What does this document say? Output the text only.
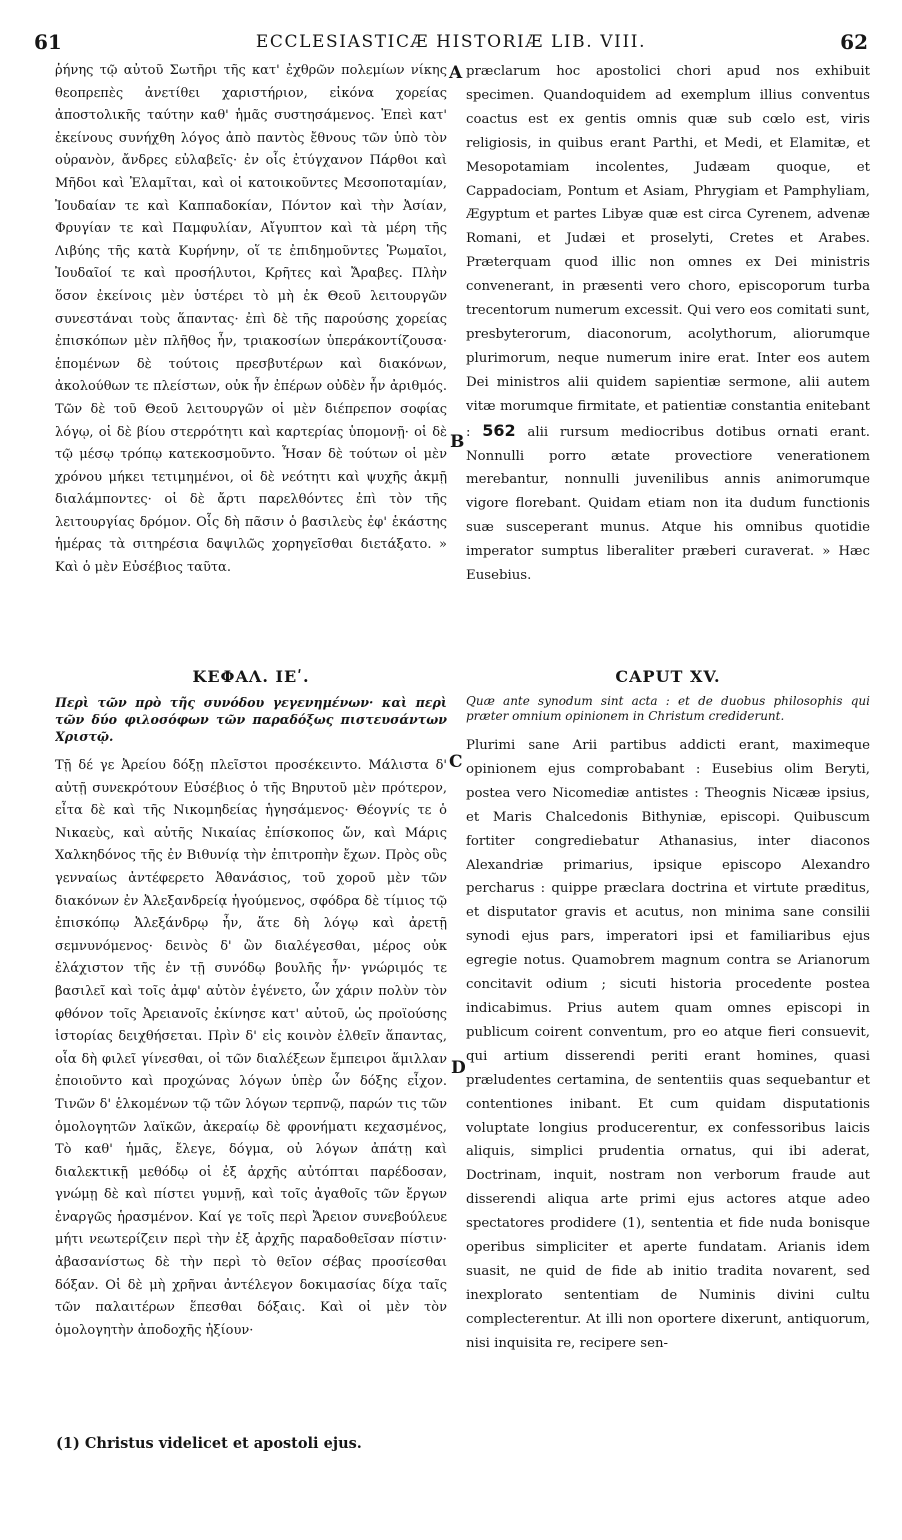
61	ECCLESIASTICÆ HISTORIÆ LIB. VIII.	62
A
B
C
D

ῥήνης τῷ αὐτοῦ Σωτῆρι τῆς κατ' ἐχθρῶν πολεμίων νίκης θεοπρεπὲς ἀνετίθει χαριστήριον, εἰκόνα χορείας ἀποστολικῆς ταύτην καθ' ἡμᾶς συστησάμενος. Ἐπεὶ κατ' ἐκείνους συνήχθη λόγος ἀπὸ παντὸς ἔθνους τῶν ὑπὸ τὸν οὐρανὸν, ἄνδρες εὐλαβεῖς· ἐν οἷς ἐτύγχανον Πάρθοι καὶ Μῆδοι καὶ Ἐλαμῖται, καὶ οἱ κατοικοῦντες Μεσοποταμίαν, Ἰουδαίαν τε καὶ Καππαδοκίαν, Πόντον καὶ τὴν Ἀσίαν, Φρυγίαν τε καὶ Παμφυλίαν, Αἴγυπτον καὶ τὰ μέρη τῆς Λιβύης τῆς κατὰ Κυρήνην, οἵ τε ἐπιδημοῦντες Ῥωμαῖοι, Ἰουδαῖοί τε καὶ προσήλυτοι, Κρῆτες καὶ Ἄραβες. Πλὴν ὅσον ἐκείνοις μὲν ὑστέρει τὸ μὴ ἐκ Θεοῦ λειτουργῶν συνεστάναι τοὺς ἅπαντας· ἐπὶ δὲ τῆς παρούσης χορείας ἐπισκόπων μὲν πλῆθος ἦν, τριακοσίων ὑπεράκοντίζουσα· ἑπομένων δὲ τούτοις πρεσβυτέρων καὶ διακόνων, ἀκολούθων τε πλείστων, οὐκ ἦν ἐπέρων οὐδὲν ἦν ἀριθμός. Τῶν δὲ τοῦ Θεοῦ λειτουργῶν οἱ μὲν διέπρεπον σοφίας λόγῳ, οἱ δὲ βίου στερρότητι καὶ καρτερίας ὑπομονῇ· οἱ δὲ τῷ μέσῳ τρόπῳ κατεκοσμοῦντο. Ἦσαν δὲ τούτων οἱ μὲν χρόνου μήκει τετιμημένοι, οἱ δὲ νεότητι καὶ ψυχῆς ἀκμῇ διαλάμποντες· οἱ δὲ ἄρτι παρελθόντες ἐπὶ τὸν τῆς λειτουργίας δρόμον. Οἷς δὴ πᾶσιν ὁ βασιλεὺς ἐφ' ἑκάστης ἡμέρας τὰ σιτηρέσια δαψιλῶς χορηγεῖσθαι διετάξατο. » Καὶ ὁ μὲν Εὐσέβιος ταῦτα.

præclarum hoc apostolici chori apud nos exhibuit specimen. Quandoquidem ad exemplum illius conventus coactus est ex gentis omnis quæ sub cœlo est, viris religiosis, in quibus erant Parthi, et Medi, et Elamitæ, et Mesopotamiam incolentes, Judæam quoque, et Cappadociam, Pontum et Asiam, Phrygiam et Pamphyliam, Ægyptum et partes Libyæ quæ est circa Cyrenem, advenæ Romani, et Judæi et proselyti, Cretes et Arabes. Præterquam quod illic non omnes ex Dei ministris convenerant, in præsenti vero choro, episcoporum turba trecentorum numerum excessit. Qui vero eos comitati sunt, presbyterorum, diaconorum, acolythorum, aliorumque plurimorum, neque numerum inire erat. Inter eos autem Dei ministros alii quidem sapientiæ sermone, alii autem vitæ morumque firmitate, et patientiæ constantia enitebant : 562 alii rursum mediocribus dotibus ornati erant. Nonnulli porro ætate provectiore venerationem merebantur, nonnulli juvenilibus annis animorumque vigore florebant. Quidam etiam non ita dudum functionis suæ susceperant munus. Atque his omnibus quotidie imperator sumptus liberaliter præberi curaverat. » Hæc Eusebius.

ΚΕΦΑΛ. ΙΕʹ.
Περὶ τῶν πρὸ τῆς συνόδου γεγενημένων· καὶ περὶ τῶν δύο φιλοσόφων τῶν παραδόξως πιστευσάντων Χριστῷ.

Τῇ δέ γε Ἀρείου δόξῃ πλεῖστοι προσέκειντο. Μάλιστα δ' αὐτῇ συνεκρότουν Εὐσέβιος ὁ τῆς Βηρυτοῦ μὲν πρότερον, εἶτα δὲ καὶ τῆς Νικομηδείας ἡγησάμενος· Θέογνίς τε ὁ Νικαεὺς, καὶ αὐτῆς Νικαίας ἐπίσκοπος ὤν, καὶ Μάρις Χαλκηδόνος τῆς ἐν Βιθυνίᾳ τὴν ἐπιτροπὴν ἔχων. Πρὸς οὓς γενναίως ἀντέφερετο Ἀθανάσιος, τοῦ χοροῦ μὲν τῶν διακόνων ἐν Ἀλεξανδρείᾳ ἡγούμενος, σφόδρα δὲ τίμιος τῷ ἐπισκόπῳ Ἀλεξάνδρῳ ἦν, ἅτε δὴ λόγῳ καὶ ἀρετῇ σεμνυνόμενος· δεινὸς δ' ὢν διαλέγεσθαι, μέρος οὐκ ἐλάχιστον τῆς ἐν τῇ συνόδῳ βουλῆς ἦν· γνώριμός τε βασιλεῖ καὶ τοῖς ἀμφ' αὐτὸν ἐγένετο, ὧν χάριν πολὺν τὸν φθόνον τοῖς Ἀρειανοῖς ἐκίνησε κατ' αὐτοῦ, ὡς προϊούσης ἱστορίας δειχθήσεται. Πρὶν δ' εἰς κοινὸν ἐλθεῖν ἅπαντας, οἷα δὴ φιλεῖ γίνεσθαι, οἱ τῶν διαλέξεων ἔμπειροι ἅμιλλαν ἐποιοῦντο καὶ προχώνας λόγων ὑπὲρ ὧν δόξης εἶχον. Τινῶν δ' ἑλκομένων τῷ τῶν λόγων τερπνῷ, παρών τις τῶν ὁμολογητῶν λαϊκῶν, ἀκεραίῳ δὲ φρονήματι κεχασμένος, Τὸ καθ' ἡμᾶς, ἔλεγε, δόγμα, οὐ λόγων ἀπάτῃ καὶ διαλεκτικῇ μεθόδῳ οἱ ἐξ ἀρχῆς αὐτόπται παρέδοσαν, γνώμῃ δὲ καὶ πίστει γυμνῇ, καὶ τοῖς ἀγαθοῖς τῶν ἔργων ἐναργῶς ἡρασμένον. Καί γε τοῖς περὶ Ἄρειον συνεβούλευε μήτι νεωτερίζειν περὶ τὴν ἐξ ἀρχῆς παραδοθεῖσαν πίστιν· ἀβασανίστως δὲ τὴν περὶ τὸ θεῖον σέβας προσίεσθαι δόξαν. Οἱ δὲ μὴ χρῆναι ἀντέλεγον δοκιμασίας δίχα ταῖς τῶν παλαιτέρων ἕπεσθαι δόξαις. Καὶ οἱ μὲν τὸν ὁμολογητὴν ἀποδοχῆς ἠξίουν·

CAPUT XV.
Quæ ante synodum sint acta : et de duobus philosophis qui præter omnium opinionem in Christum crediderunt.

Plurimi sane Arii partibus addicti erant, maximeque opinionem ejus comprobabant : Eusebius olim Beryti, postea vero Nicomediæ antistes : Theognis Nicææ ipsius, et Maris Chalcedonis Bithyniæ, episcopi. Quibuscum fortiter congrediebatur Athanasius, inter diaconos Alexandriæ primarius, ipsique episcopo Alexandro percharus : quippe præclara doctrina et virtute præditus, et disputator gravis et acutus, non minima sane consilii synodi ejus pars, imperatori ipsi et familiaribus ejus egregie notus. Quamobrem magnum contra se Arianorum concitavit odium ; sicuti historia procedente postea indicabimus. Prius autem quam omnes episcopi in publicum coirent conventum, pro eo atque fieri consuevit, qui artium disserendi periti erant homines, quasi præludentes certamina, de sententiis quas sequebantur et contentiones inibant. Et cum quidam disputationis voluptate longius producerentur, ex confessoribus laicis aliquis, simplici prudentia ornatus, qui ibi aderat, Doctrinam, inquit, nostram non verborum fraude aut disserendi aliqua arte primi ejus actores atque adeo spectatores prodidere (1), sententia et fide nuda bonisque operibus simpliciter et aperte fundatam. Arianis idem suasit, ne quid de fide ab initio tradita novarent, sed inexplorato sententiam de Numinis divini cultu complecterentur. At illi non oportere dixerunt, antiquorum, nisi inquisita re, recipere sen-

(1) Christus videlicet et apostoli ejus.
